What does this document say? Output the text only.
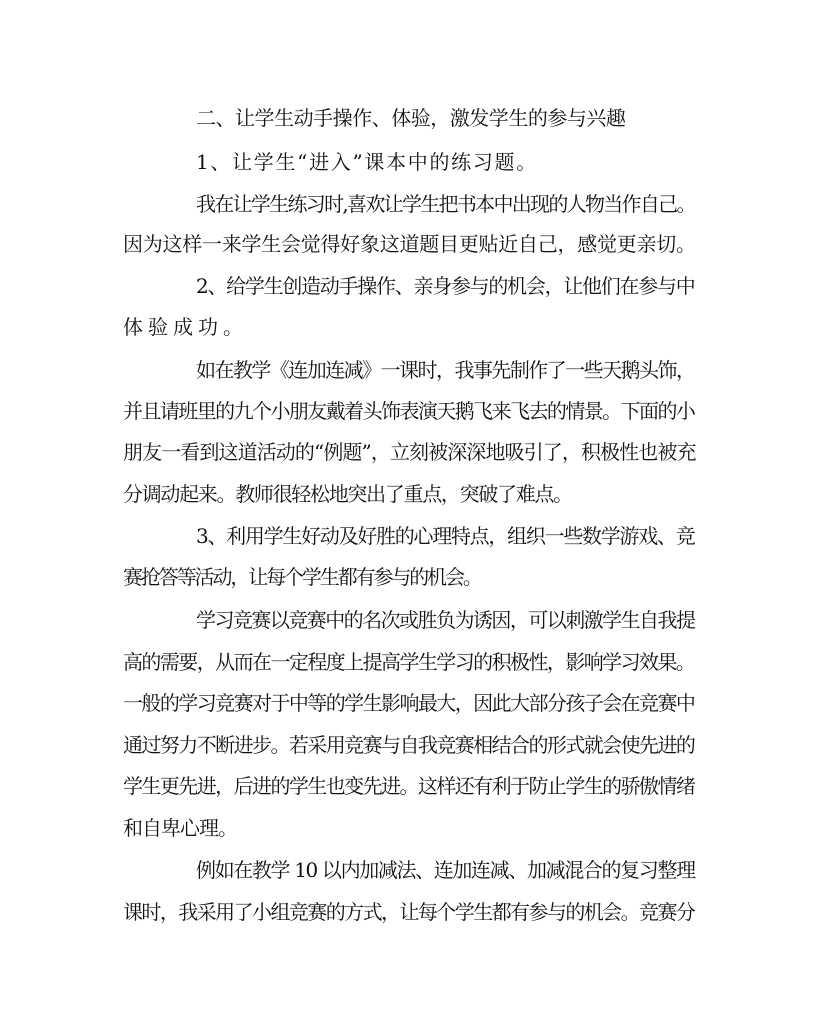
二、让学生动手操作、体验，激发学生的参与兴趣
1、让学生“进入”课本中的练习题。
我在让学生练习时,喜欢让学生把书本中出现的人物当作自己。
因为这样一来学生会觉得好象这道题目更贴近自己，感觉更亲切。
2、给学生创造动手操作、亲身参与的机会，让他们在参与中
体验成功。
如在教学《连加连减》一课时，我事先制作了一些天鹅头饰，
并且请班里的九个小朋友戴着头饰表演天鹅飞来飞去的情景。下面的小
朋友一看到这道活动的“例题”，立刻被深深地吸引了，积极性也被充
分调动起来。教师很轻松地突出了重点，突破了难点。
3、利用学生好动及好胜的心理特点，组织一些数学游戏、竞
赛抢答等活动，让每个学生都有参与的机会。
学习竞赛以竞赛中的名次或胜负为诱因，可以刺激学生自我提
高的需要，从而在一定程度上提高学生学习的积极性，影响学习效果。
一般的学习竞赛对于中等的学生影响最大，因此大部分孩子会在竞赛中
通过努力不断进步。若采用竞赛与自我竞赛相结合的形式就会使先进的
学生更先进，后进的学生也变先进。这样还有利于防止学生的骄傲情绪
和自卑心理。
例如在教学 10 以内加减法、连加连减、加减混合的复习整理
课时，我采用了小组竞赛的方式，让每个学生都有参与的机会。竞赛分
